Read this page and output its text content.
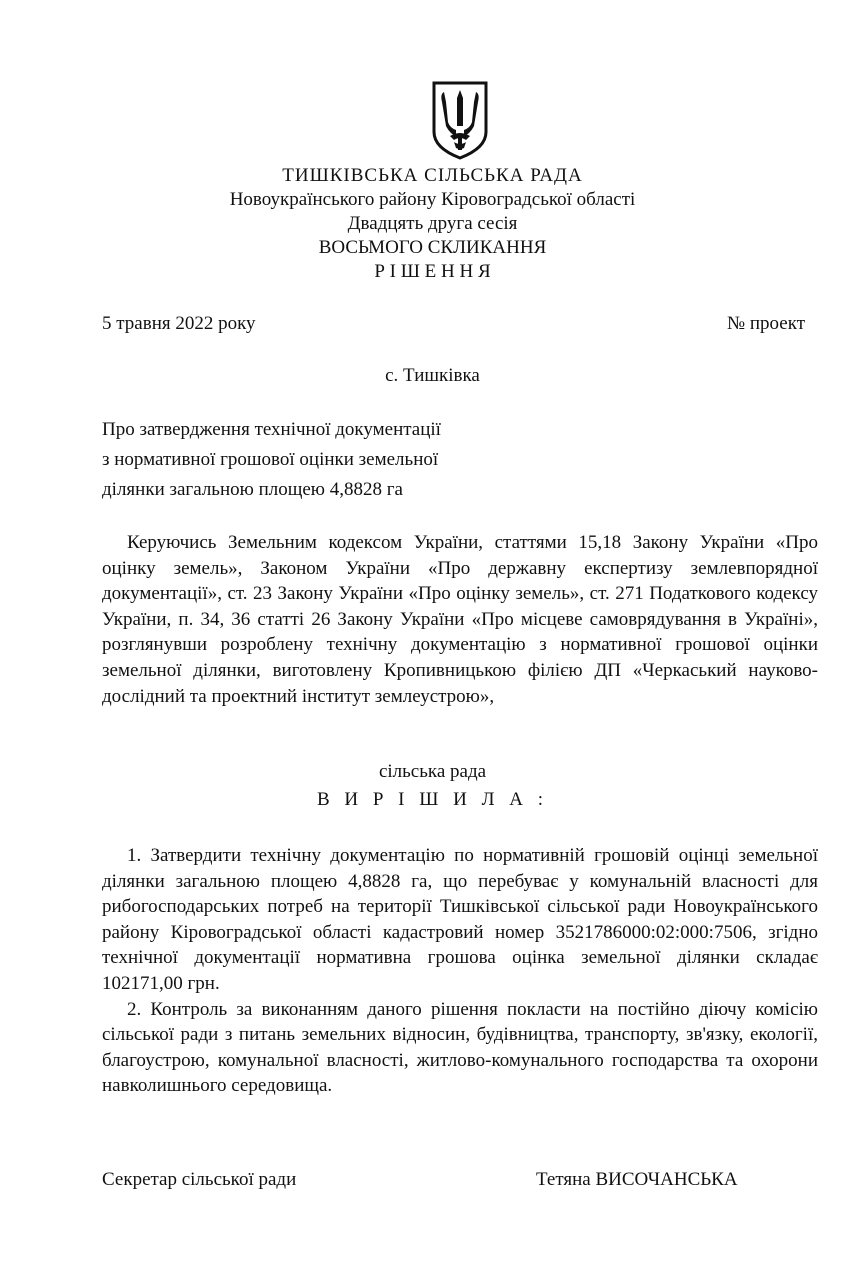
ТИШКІВСЬКА СІЛЬСЬКА РАДА
Новоукраїнського району Кіровоградської області
Двадцять друга сесія
ВОСЬМОГО СКЛИКАННЯ
Р І Ш Е Н Н Я
5 травня 2022 року	№ проект
с. Тишківка
Про затвердження технічної документації
з нормативної грошової оцінки земельної
ділянки загальною площею 4,8828 га

Керуючись Земельним кодексом України, статтями 15,18 Закону України «Про оцінку земель», Законом України «Про державну експертизу землевпорядної документації», ст. 23 Закону України «Про оцінку земель», ст. 271 Податкового кодексу України, п. 34, 36 статті 26 Закону України «Про місцеве самоврядування в Україні», розглянувши розроблену технічну документацію з нормативної грошової оцінки земельної ділянки, виготовлену Кропивницькою філією ДП «Черкаський науково-дослідний та проектний інститут землеустрою»,

сільська рада
В И Р І Ш И Л А :

1. Затвердити технічну документацію по нормативній грошовій оцінці земельної ділянки загальною площею 4,8828 га, що перебуває у комунальній власності для рибогосподарських потреб на території Тишківської сільської ради Новоукраїнського району Кіровоградської області кадастровий номер 3521786000:02:000:7506, згідно технічної документації нормативна грошова оцінка земельної ділянки складає 102171,00 грн.

2. Контроль за виконанням даного рішення покласти на постійно діючу комісію сільської ради з питань земельних відносин, будівництва, транспорту, зв'язку, екології, благоустрою, комунальної власності, житлово-комунального господарства та охорони навколишнього середовища.

Секретар сільської ради	Тетяна ВИСОЧАНСЬКА
